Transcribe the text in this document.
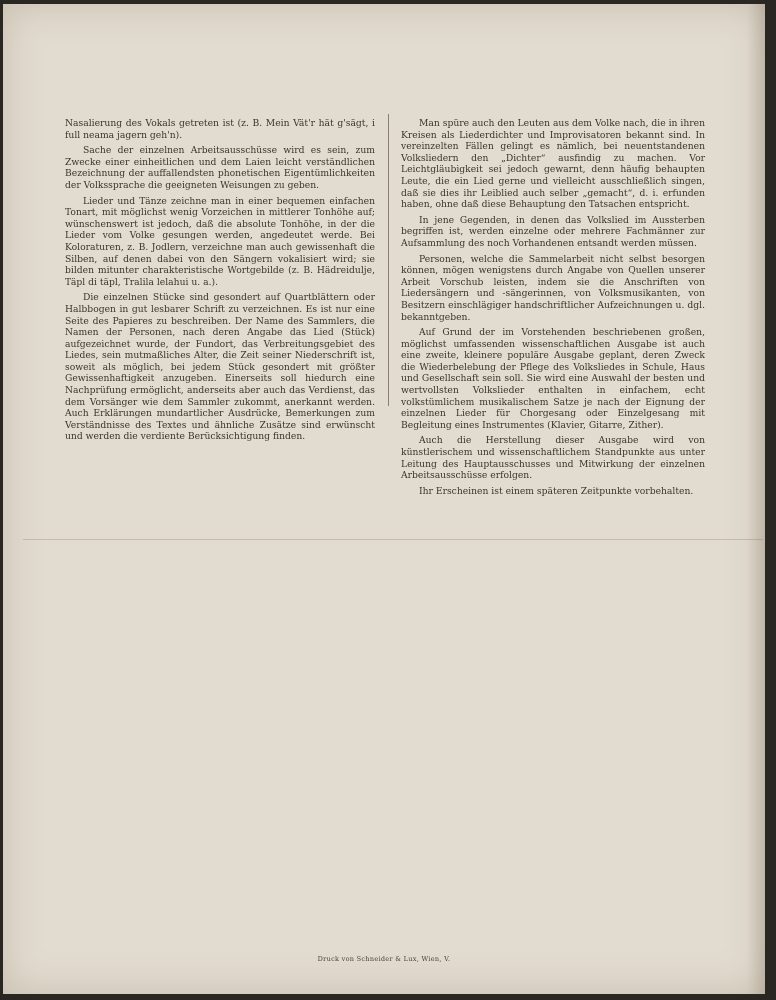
Nasalierung des Vokals getreten ist (z. B. Mein Vät'r hät g'sägt, i full neama jagern geh'n).

Sache der einzelnen Arbeitsausschüsse wird es sein, zum Zwecke einer einheitlichen und dem Laien leicht verständlichen Bezeichnung der auffallendsten phonetischen Eigentümlichkeiten der Volkssprache die geeigneten Weisungen zu geben.

Lieder und Tänze zeichne man in einer bequemen einfachen Tonart, mit möglichst wenig Vorzeichen in mittlerer Tonhöhe auf; wünschenswert ist jedoch, daß die absolute Tonhöhe, in der die Lieder vom Volke gesungen werden, angedeutet werde. Bei Koloraturen, z. B. Jodlern, verzeichne man auch gewissenhaft die Silben, auf denen dabei von den Sängern vokalisiert wird; sie bilden mitunter charakteristische Wortgebilde (z. B. Hädreidulje, Täpl di täpl, Tralila lelahui u. a.).

Die einzelnen Stücke sind gesondert auf Quartblättern oder Halbbogen in gut lesbarer Schrift zu verzeichnen. Es ist nur eine Seite des Papieres zu beschreiben. Der Name des Sammlers, die Namen der Personen, nach deren Angabe das Lied (Stück) aufgezeichnet wurde, der Fundort, das Verbreitungsgebiet des Liedes, sein mutmaßliches Alter, die Zeit seiner Niederschrift ist, soweit als möglich, bei jedem Stück gesondert mit größter Gewissenhaftigkeit anzugeben. Einerseits soll hiedurch eine Nachprüfung ermöglicht, anderseits aber auch das Verdienst, das dem Vorsänger wie dem Sammler zukommt, anerkannt werden. Auch Erklärungen mundartlicher Ausdrücke, Bemerkungen zum Verständnisse des Textes und ähnliche Zusätze sind erwünscht und werden die verdiente Berücksichtigung finden.

Man spüre auch den Leuten aus dem Volke nach, die in ihren Kreisen als Liederdichter und Improvisatoren bekannt sind. In vereinzelten Fällen gelingt es nämlich, bei neuentstandenen Volksliedern den „Dichter“ ausfindig zu machen. Vor Leichtgläubigkeit sei jedoch gewarnt, denn häufig behaupten Leute, die ein Lied gerne und vielleicht ausschließlich singen, daß sie dies ihr Leiblied auch selber „gemacht“, d. i. erfunden haben, ohne daß diese Behauptung den Tatsachen entspricht.

In jene Gegenden, in denen das Volkslied im Aussterben begriffen ist, werden einzelne oder mehrere Fachmänner zur Aufsammlung des noch Vorhandenen entsandt werden müssen.

Personen, welche die Sammelarbeit nicht selbst besorgen können, mögen wenigstens durch Angabe von Quellen unserer Arbeit Vorschub leisten, indem sie die Anschriften von Liedersängern und -sängerinnen, von Volksmusikanten, von Besitzern einschlägiger handschriftlicher Aufzeichnungen u. dgl. bekanntgeben.

Auf Grund der im Vorstehenden beschriebenen großen, möglichst umfassenden wissenschaftlichen Ausgabe ist auch eine zweite, kleinere populäre Ausgabe geplant, deren Zweck die Wiederbelebung der Pflege des Volksliedes in Schule, Haus und Gesellschaft sein soll. Sie wird eine Auswahl der besten und wertvollsten Volkslieder enthalten in einfachem, echt volkstümlichem musikalischem Satze je nach der Eignung der einzelnen Lieder für Chorgesang oder Einzelgesang mit Begleitung eines Instrumentes (Klavier, Gitarre, Zither).

Auch die Herstellung dieser Ausgabe wird von künstlerischem und wissenschaftlichem Standpunkte aus unter Leitung des Hauptausschusses und Mitwirkung der einzelnen Arbeitsausschüsse erfolgen.

Ihr Erscheinen ist einem späteren Zeitpunkte vorbehalten.

Druck von Schneider & Lux, Wien, V.
